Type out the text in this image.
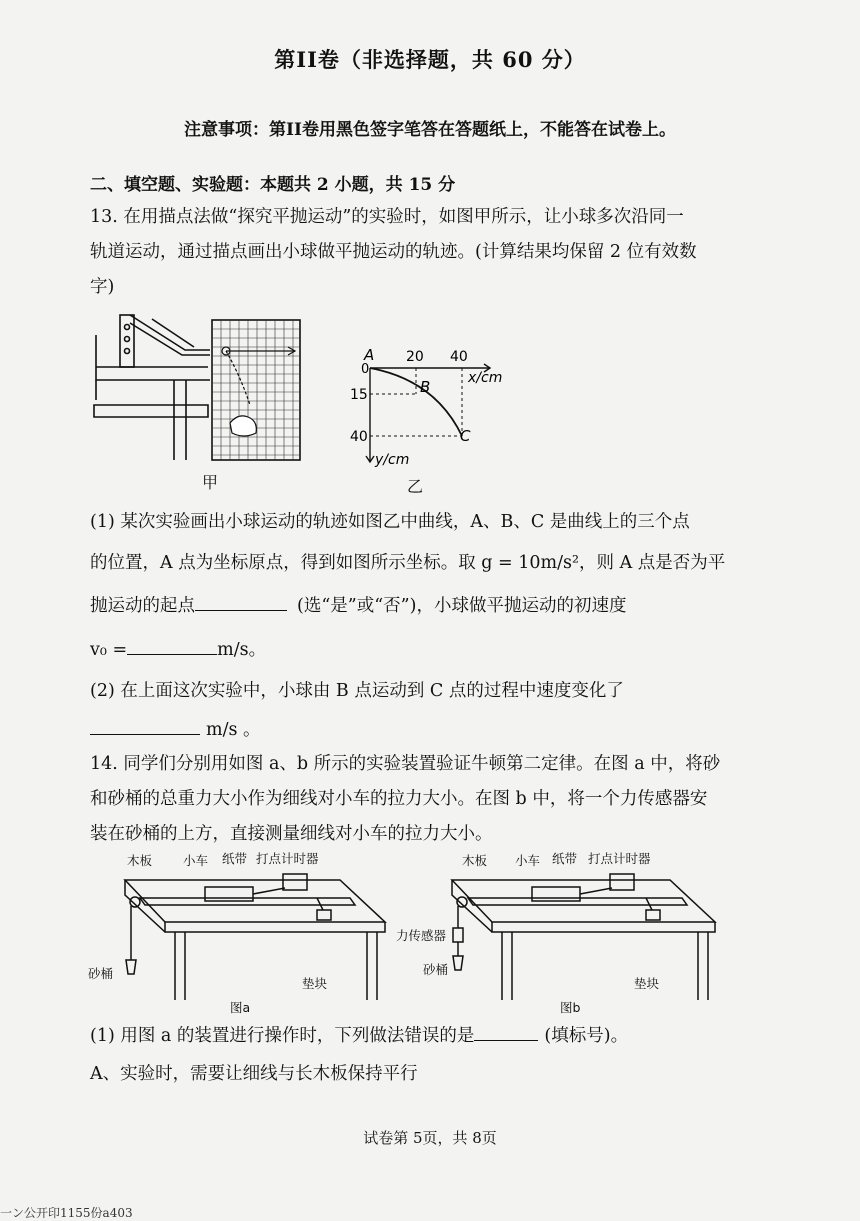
第II卷（非选择题，共 60 分）
注意事项：第II卷用黑色签字笔答在答题纸上，不能答在试卷上。
二、填空题、实验题：本题共 2 小题，共 15 分
13. 在用描点法做“探究平抛运动”的实验时，如图甲所示，让小球多次沿同一
轨道运动，通过描点画出小球做平抛运动的轨迹。(计算结果均保留 2 位有效数
字)
甲
A
0
20 40
x/cm
15
40
B
C
y/cm
乙
(1) 某次实验画出小球运动的轨迹如图乙中曲线，A、B、C 是曲线上的三个点
的位置，A 点为坐标原点，得到如图所示坐标。取 g = 10m/s²，则 A 点是否为平
抛运动的起点	(选“是”或“否”)，小球做平抛运动的初速度
v₀ =	m/s。
(2) 在上面这次实验中，小球由 B 点运动到 C 点的过程中速度变化了
m/s 。
14. 同学们分别用如图 a、b 所示的实验装置验证牛顿第二定律。在图 a 中，将砂
和砂桶的总重力大小作为细线对小车的拉力大小。在图 b 中，将一个力传感器安
装在砂桶的上方，直接测量细线对小车的拉力大小。
木板 小车 纸带 打点计时器
砂桶
垫块
图a
木板 小车 纸带 打点计时器
力传感器
砂桶
垫块
图b
(1) 用图 a 的装置进行操作时，下列做法错误的是	(填标号)。
A、实验时，需要让细线与长木板保持平行
试卷第 5页，共 8页
一ン公开印1155份a403
